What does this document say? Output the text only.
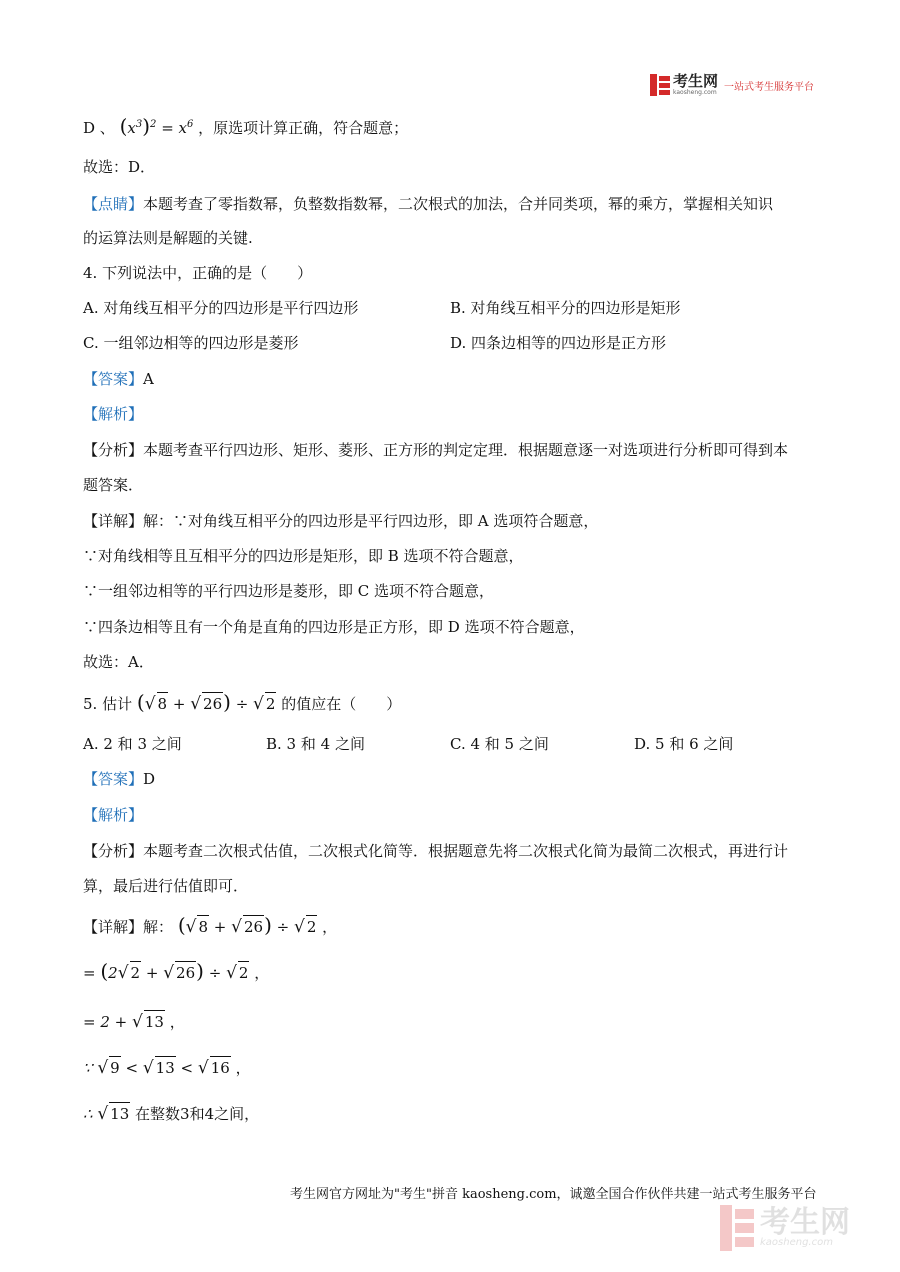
考生网
kaosheng.com 一站式考生服务平台
D 、 $(x^3)^2 = x^6$ ，原选项计算正确，符合题意；
故选：D．
【点睛】本题考查了零指数幂，负整数指数幂，二次根式的加法，合并同类项，幂的乘方，掌握相关知识
的运算法则是解题的关键.
4. 下列说法中，正确的是（　　）
A. 对角线互相平分的四边形是平行四边形	B. 对角线互相平分的四边形是矩形
C. 一组邻边相等的四边形是菱形	D. 四条边相等的四边形是正方形
【答案】A
【解析】
【分析】本题考查平行四边形、矩形、菱形、正方形的判定定理．根据题意逐一对选项进行分析即可得到本
题答案．
【详解】解：∵对角线互相平分的四边形是平行四边形，即 A 选项符合题意，
∵对角线相等且互相平分的四边形是矩形，即 B 选项不符合题意，
∵一组邻边相等的平行四边形是菱形，即 C 选项不符合题意，
∵四条边相等且有一个角是直角的四边形是正方形，即 D 选项不符合题意，
故选：A．
5. 估计 (√ 8 + √ 26) ÷ √ 2 的值应在（　　）
A. 2 和 3 之间	B. 3 和 4 之间	C. 4 和 5 之间	D. 5 和 6 之间
【答案】D
【解析】
【分析】本题考查二次根式估值，二次根式化简等．根据题意先将二次根式化简为最简二次根式，再进行计
算，最后进行估值即可．
【详解】解： (√ 8 + √ 26) ÷ √ 2 ，
= (2√ 2 + √ 26) ÷ √ 2 ，
= 2 + √ 13 ，
∵ √ 9 < √ 13 < √ 16 ，
∴ √ 13 在整数3和4之间，
考生网官方网址为"考生"拼音 kaosheng.com，诚邀全国合作伙伴共建一站式考生服务平台
考生网
kaosheng.com
